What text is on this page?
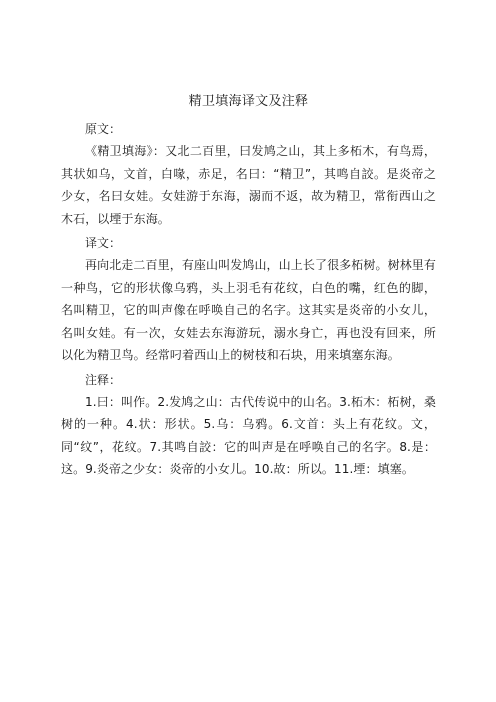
精卫填海译文及注释

原文：

《精卫填海》：又北二百里，曰发鸠之山，其上多柘木，有鸟焉，其状如乌，文首，白喙，赤足，名曰：“精卫”，其鸣自詨。是炎帝之少女，名曰女娃。女娃游于东海，溺而不返，故为精卫，常衔西山之木石，以堙于东海。

译文：

再向北走二百里，有座山叫发鸠山，山上长了很多柘树。树林里有一种鸟，它的形状像乌鸦，头上羽毛有花纹，白色的嘴，红色的脚，名叫精卫，它的叫声像在呼唤自己的名字。这其实是炎帝的小女儿，名叫女娃。有一次，女娃去东海游玩，溺水身亡，再也没有回来，所以化为精卫鸟。经常叼着西山上的树枝和石块，用来填塞东海。

注释：

1.曰：叫作。2.发鸠之山：古代传说中的山名。3.柘木：柘树，桑树的一种。4.状：形状。5.乌：乌鸦。6.文首：头上有花纹。文，同“纹”，花纹。7.其鸣自詨：它的叫声是在呼唤自己的名字。8.是：这。9.炎帝之少女：炎帝的小女儿。10.故：所以。11.堙：填塞。
